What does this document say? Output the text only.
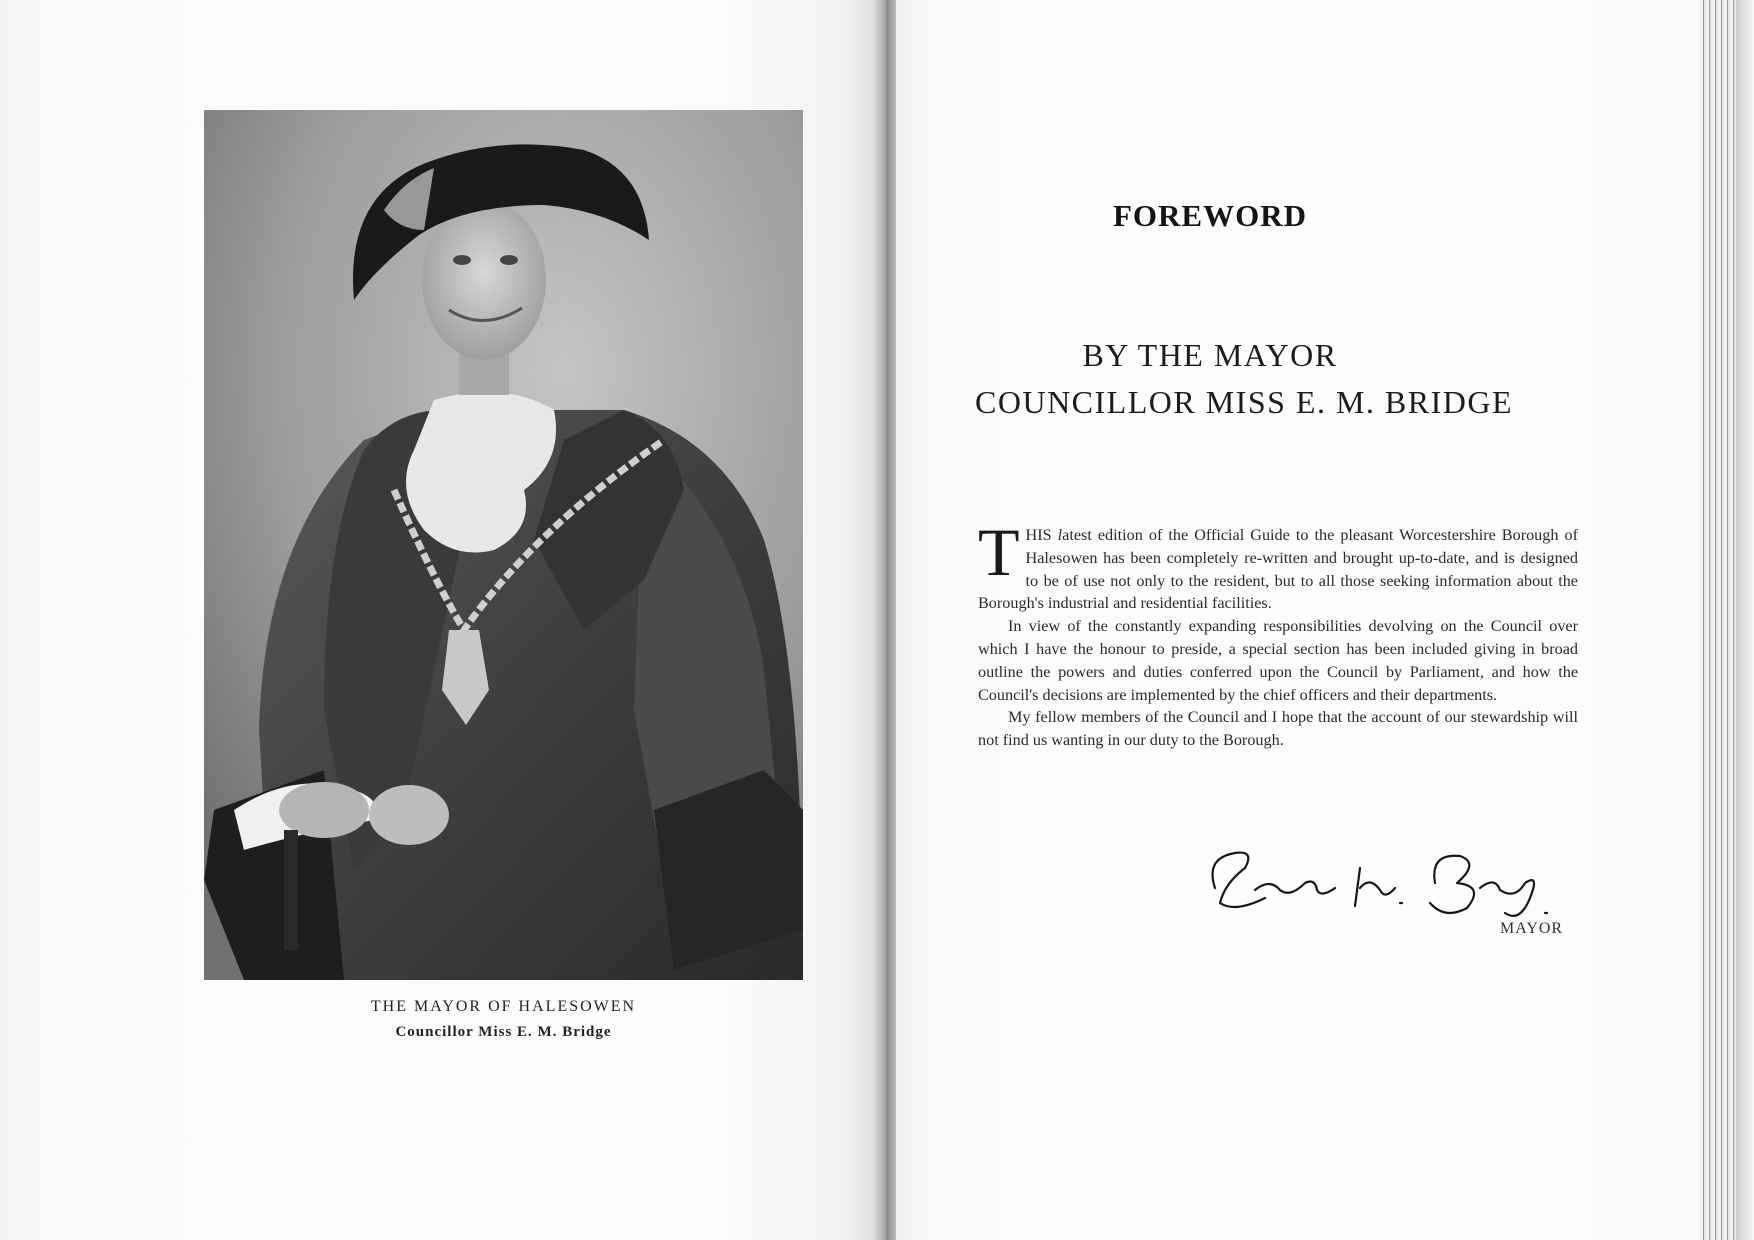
THE MAYOR OF HALESOWEN
Councillor Miss E. M. Bridge
FOREWORD
BY THE MAYOR
COUNCILLOR MISS E. M. BRIDGE

THIS latest edition of the Official Guide to the pleasant Worcestershire Borough of Halesowen has been completely re-written and brought up-to-date, and is designed to be of use not only to the resident, but to all those seeking information about the Borough's industrial and residential facilities.

In view of the constantly expanding responsibilities devolving on the Council over which I have the honour to preside, a special section has been included giving in broad outline the powers and duties conferred upon the Council by Parliament, and how the Council's decisions are implemented by the chief officers and their departments.

My fellow members of the Council and I hope that the account of our stewardship will not find us wanting in our duty to the Borough.

MAYOR
